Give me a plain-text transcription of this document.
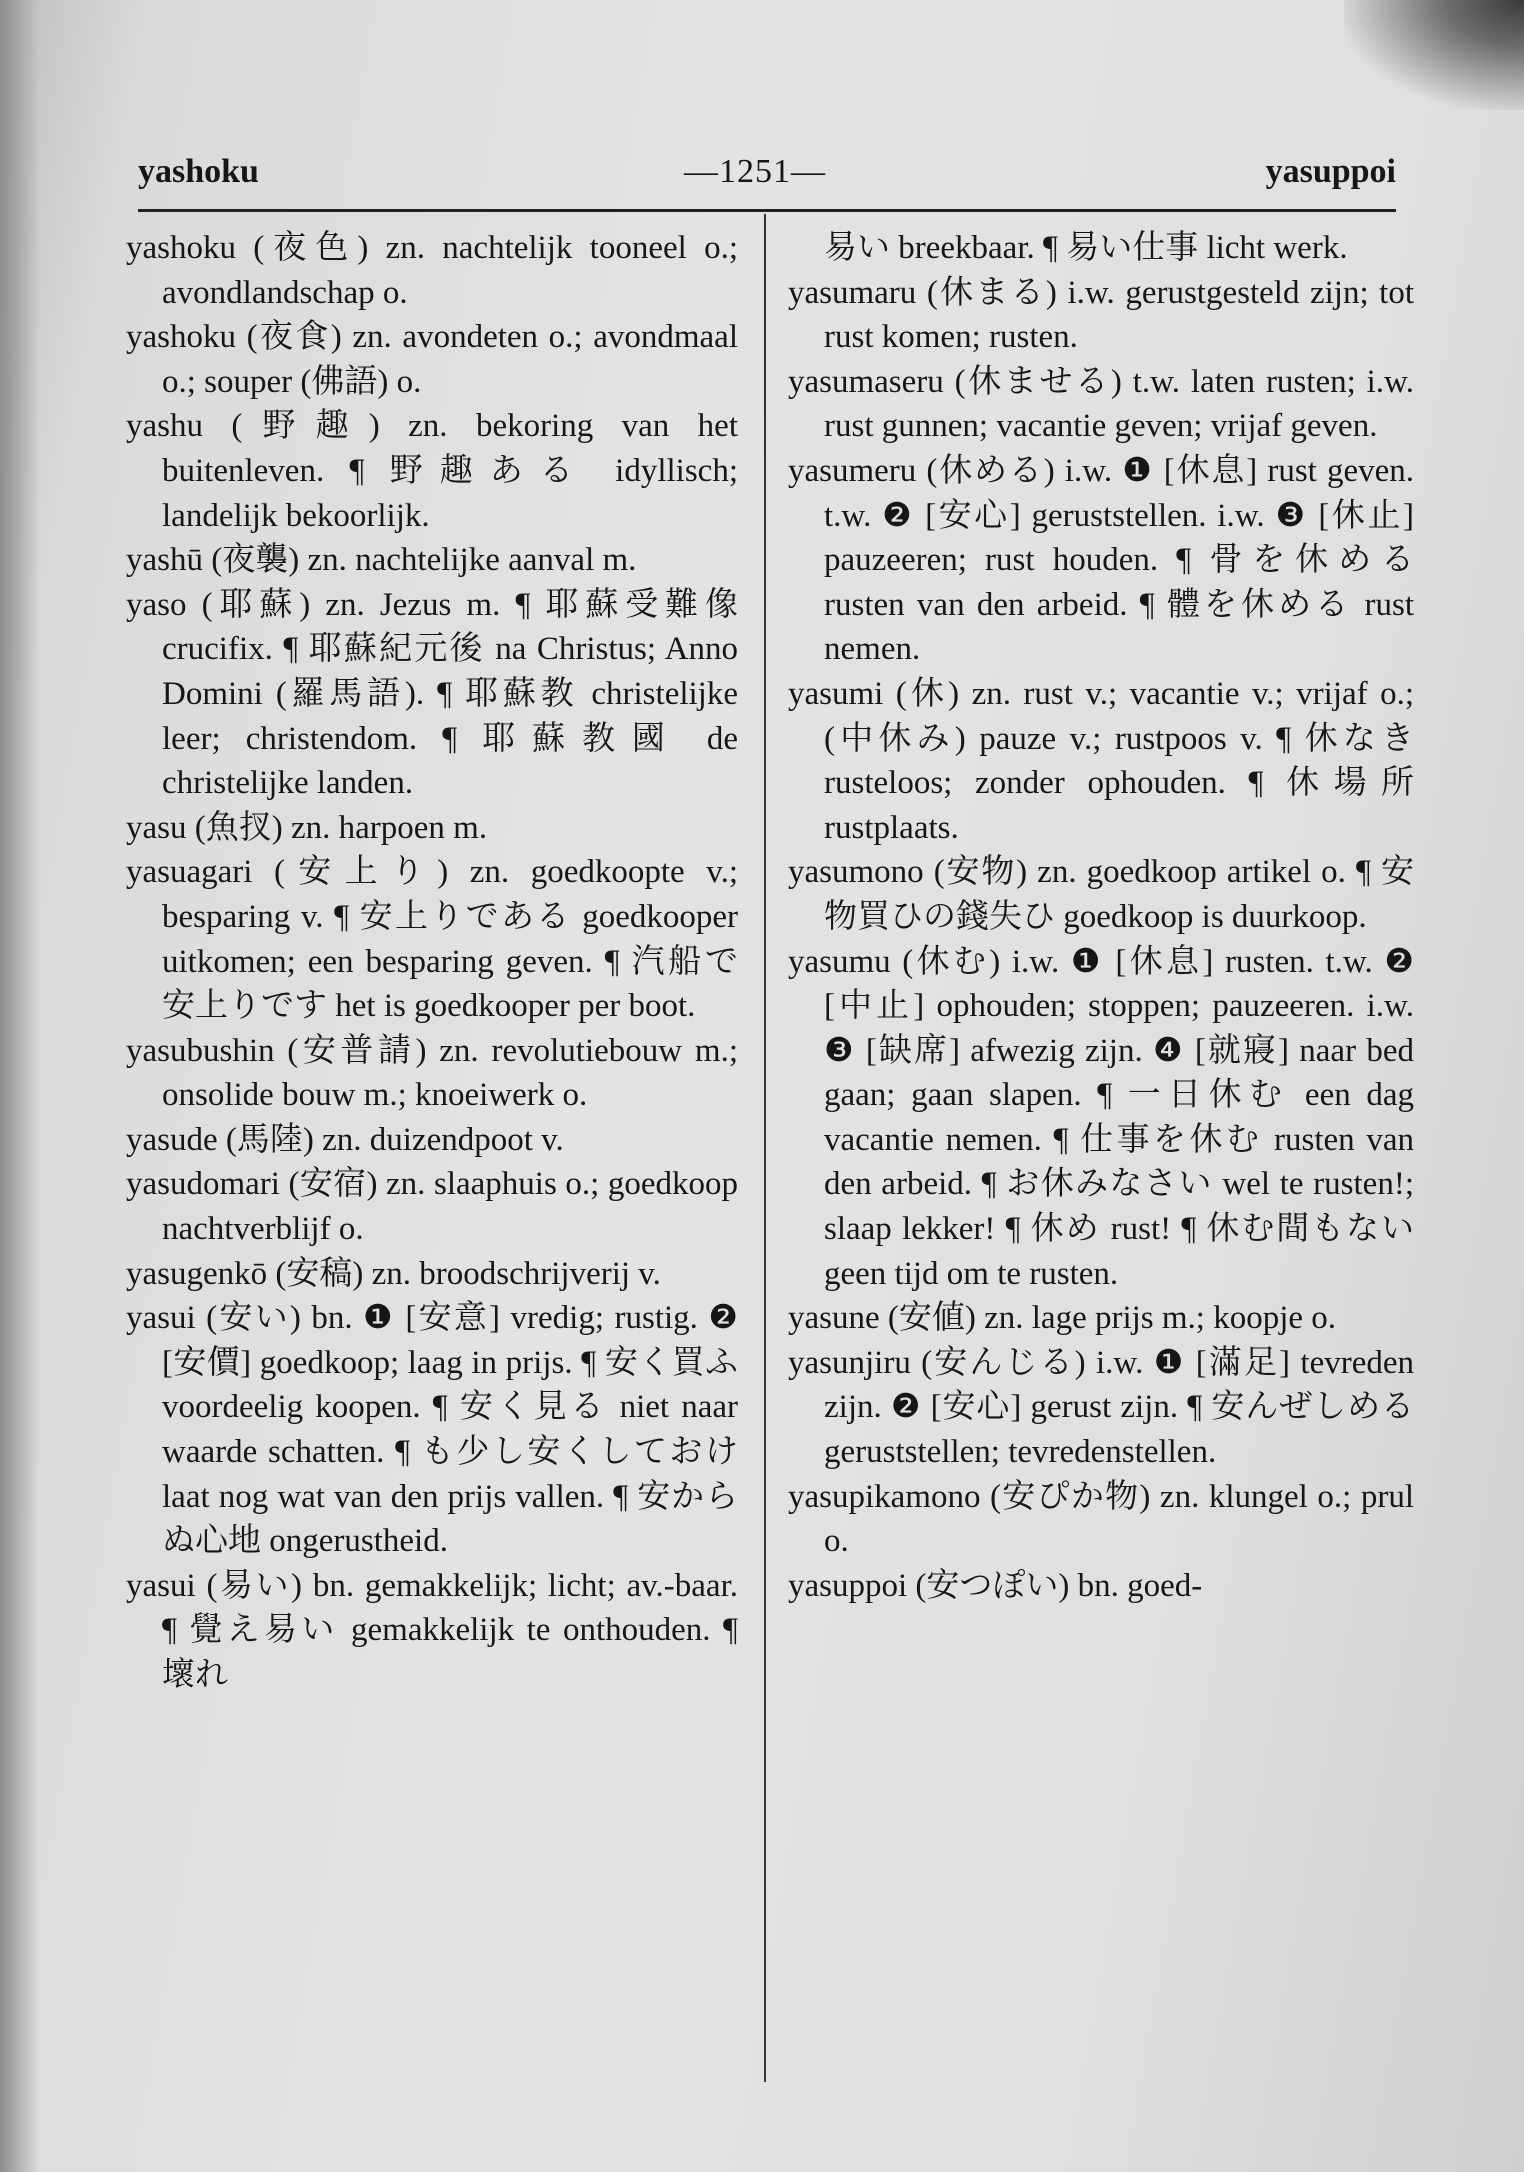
yashoku	—1251—	yasuppoi
yashoku (夜色) zn. nachtelijk tooneel o.; avondlandschap o.
yashoku (夜食) zn. avondeten o.; avondmaal o.; souper (佛語) o.
yashu (野趣) zn. bekoring van het buitenleven. ¶ 野趣ある idyllisch; landelijk bekoorlijk.
yashū (夜襲) zn. nachtelijke aanval m.
yaso (耶蘇) zn. Jezus m. ¶ 耶蘇受難像 crucifix. ¶ 耶蘇紀元後 na Christus; Anno Domini (羅馬語). ¶ 耶蘇教 christelijke leer; christendom. ¶ 耶蘇教國 de christelijke landen.
yasu (魚扠) zn. harpoen m.
yasuagari (安上り) zn. goedkoopte v.; besparing v. ¶ 安上りである goedkooper uitkomen; een besparing geven. ¶ 汽船で安上りです het is goedkooper per boot.
yasubushin (安普請) zn. revolutiebouw m.; onsolide bouw m.; knoeiwerk o.
yasude (馬陸) zn. duizendpoot v.
yasudomari (安宿) zn. slaaphuis o.; goedkoop nachtverblijf o.
yasugenkō (安稿) zn. broodschrijverij v.
yasui (安い) bn. ❶ [安意] vredig; rustig. ❷ [安價] goedkoop; laag in prijs. ¶ 安く買ふ voordeelig koopen. ¶ 安く見る niet naar waarde schatten. ¶ も少し安くしておけ laat nog wat van den prijs vallen. ¶ 安からぬ心地 ongerustheid.
yasui (易い) bn. gemakkelijk; licht; av.-baar. ¶ 覺え易い gemakkelijk te onthouden. ¶ 壞れ
易い breekbaar. ¶ 易い仕事 licht werk.
yasumaru (休まる) i.w. gerustgesteld zijn; tot rust komen; rusten.
yasumaseru (休ませる) t.w. laten rusten; i.w. rust gunnen; vacantie geven; vrijaf geven.
yasumeru (休める) i.w. ❶ [休息] rust geven. t.w. ❷ [安心] geruststellen. i.w. ❸ [休止] pauzeeren; rust houden. ¶ 骨を休める rusten van den arbeid. ¶ 體を休める rust nemen.
yasumi (休) zn. rust v.; vacantie v.; vrijaf o.; (中休み) pauze v.; rustpoos v. ¶ 休なき rusteloos; zonder ophouden. ¶ 休場所 rustplaats.
yasumono (安物) zn. goedkoop artikel o. ¶ 安物買ひの錢失ひ goedkoop is duurkoop.
yasumu (休む) i.w. ❶ [休息] rusten. t.w. ❷ [中止] ophouden; stoppen; pauzeeren. i.w. ❸ [缺席] afwezig zijn. ❹ [就寢] naar bed gaan; gaan slapen. ¶ 一日休む een dag vacantie nemen. ¶ 仕事を休む rusten van den arbeid. ¶ お休みなさい wel te rusten!; slaap lekker! ¶ 休め rust! ¶ 休む間もない geen tijd om te rusten.
yasune (安値) zn. lage prijs m.; koopje o.
yasunjiru (安んじる) i.w. ❶ [滿足] tevreden zijn. ❷ [安心] gerust zijn. ¶ 安んぜしめる geruststellen; tevredenstellen.
yasupikamono (安ぴか物) zn. klungel o.; prul o.
yasuppoi (安つぽい) bn. goed-
